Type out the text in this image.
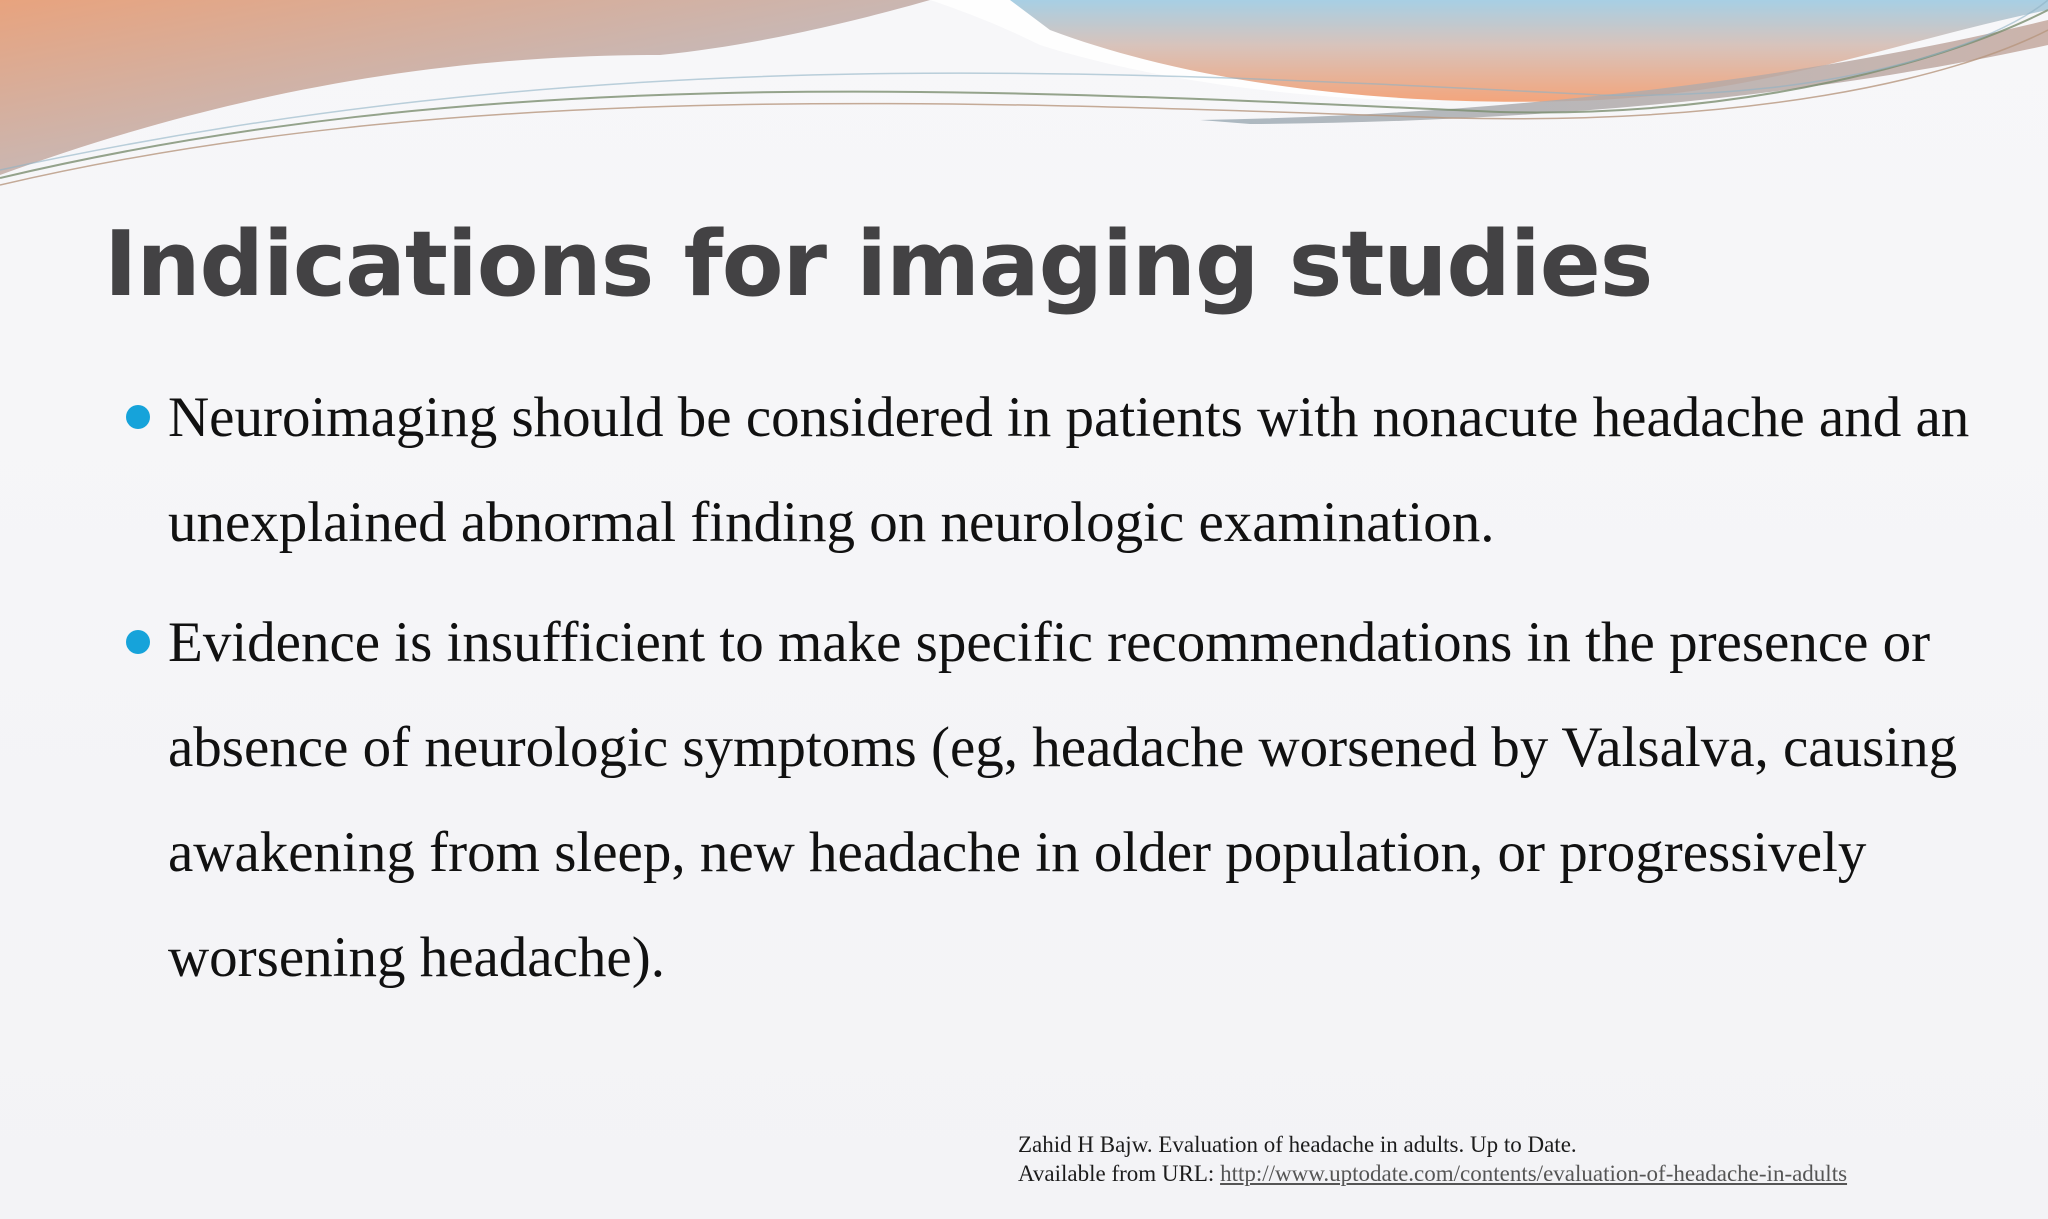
Indications for imaging studies
Neuroimaging should be considered in patients with nonacute headache and an unexplained abnormal finding on neurologic examination.
Evidence is insufficient to make specific recommendations in the presence or absence of neurologic symptoms (eg, headache worsened by Valsalva, causing awakening from sleep, new headache in older population, or progressively worsening headache).
Zahid H Bajw. Evaluation of headache in adults. Up to Date.
Available from URL: http://www.uptodate.com/contents/evaluation-of-headache-in-adults
